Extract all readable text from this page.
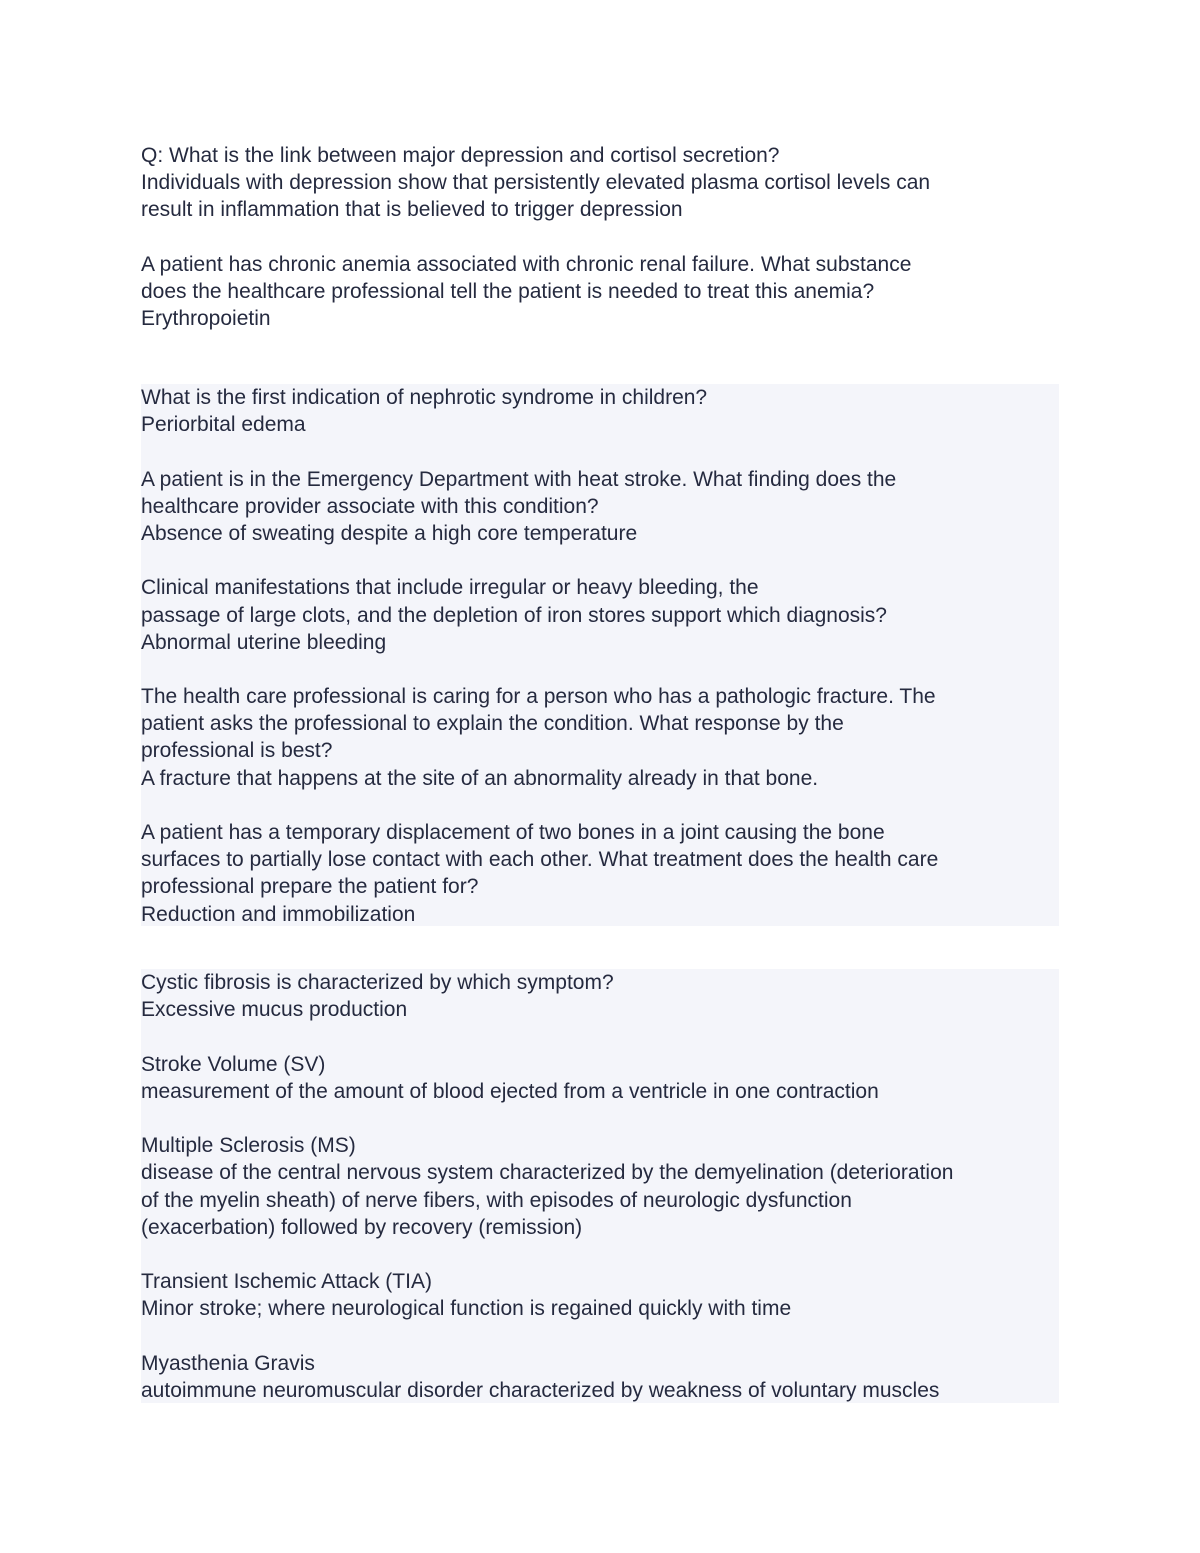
Q: What is the link between major depression and cortisol secretion?
Individuals with depression show that persistently elevated plasma cortisol levels can
result in inflammation that is believed to trigger depression
A patient has chronic anemia associated with chronic renal failure. What substance
does the healthcare professional tell the patient is needed to treat this anemia?
Erythropoietin
What is the first indication of nephrotic syndrome in children?
Periorbital edema
A patient is in the Emergency Department with heat stroke. What finding does the
healthcare provider associate with this condition?
Absence of sweating despite a high core temperature
Clinical manifestations that include irregular or heavy bleeding, the
passage of large clots, and the depletion of iron stores support which diagnosis?
Abnormal uterine bleeding
The health care professional is caring for a person who has a pathologic fracture. The
patient asks the professional to explain the condition. What response by the
professional is best?
A fracture that happens at the site of an abnormality already in that bone.
A patient has a temporary displacement of two bones in a joint causing the bone
surfaces to partially lose contact with each other. What treatment does the health care
professional prepare the patient for?
Reduction and immobilization
Cystic fibrosis is characterized by which symptom?
Excessive mucus production
Stroke Volume (SV)
measurement of the amount of blood ejected from a ventricle in one contraction
Multiple Sclerosis (MS)
disease of the central nervous system characterized by the demyelination (deterioration
of the myelin sheath) of nerve fibers, with episodes of neurologic dysfunction
(exacerbation) followed by recovery (remission)
Transient Ischemic Attack (TIA)
Minor stroke; where neurological function is regained quickly with time
Myasthenia Gravis
autoimmune neuromuscular disorder characterized by weakness of voluntary muscles
